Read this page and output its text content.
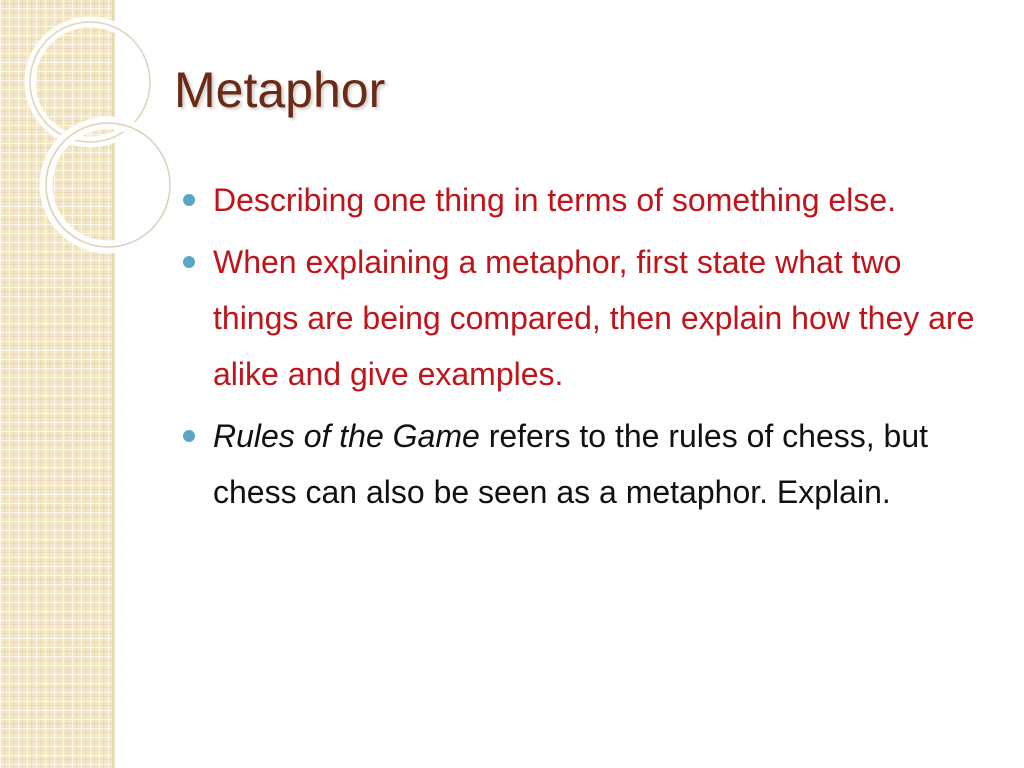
Metaphor
Describing one thing in terms of something else.
When explaining a metaphor, first state what two things are being compared, then explain how they are alike and give examples.
Rules of the Game refers to the rules of chess, but chess can also be seen as a metaphor. Explain.
